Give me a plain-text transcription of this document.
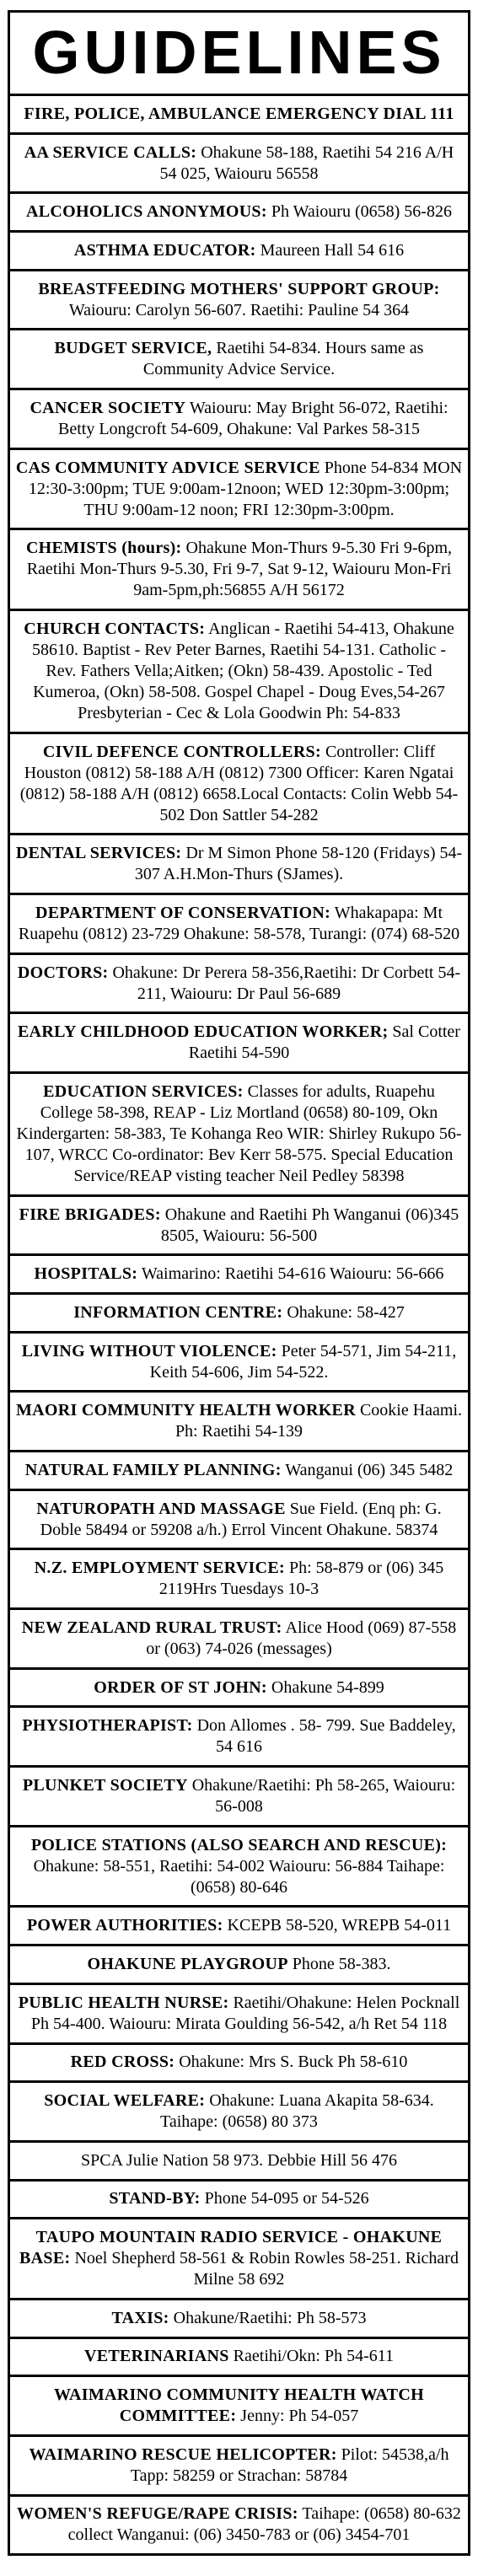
GUIDELINES
FIRE, POLICE, AMBULANCE EMERGENCY DIAL 111
AA SERVICE CALLS: Ohakune 58-188, Raetihi 54 216 A/H 54 025, Waiouru 56558
ALCOHOLICS ANONYMOUS: Ph Waiouru (0658) 56-826
ASTHMA EDUCATOR: Maureen Hall 54 616
BREASTFEEDING MOTHERS' SUPPORT GROUP: Waiouru: Carolyn 56-607. Raetihi: Pauline 54 364
BUDGET SERVICE, Raetihi 54-834. Hours same as Community Advice Service.
CANCER SOCIETY Waiouru: May Bright 56-072, Raetihi: Betty Longcroft 54-609, Ohakune: Val Parkes 58-315
CAS COMMUNITY ADVICE SERVICE Phone 54-834 MON 12:30-3:00pm; TUE 9:00am-12noon; WED 12:30pm-3:00pm; THU 9:00am-12 noon; FRI 12:30pm-3:00pm.
CHEMISTS (hours): Ohakune Mon-Thurs 9-5.30 Fri 9-6pm, Raetihi Mon-Thurs 9-5.30, Fri 9-7, Sat 9-12, Waiouru Mon-Fri 9am-5pm,ph:56855 A/H 56172
CHURCH CONTACTS: Anglican - Raetihi 54-413, Ohakune 58610. Baptist - Rev Peter Barnes, Raetihi 54-131. Catholic - Rev. Fathers Vella;Aitken; (Okn) 58-439. Apostolic - Ted Kumeroa, (Okn) 58-508. Gospel Chapel - Doug Eves,54-267 Presbyterian - Cec & Lola Goodwin Ph: 54-833
CIVIL DEFENCE CONTROLLERS: Controller: Cliff Houston (0812) 58-188 A/H (0812) 7300 Officer: Karen Ngatai (0812) 58-188 A/H (0812) 6658.Local Contacts: Colin Webb 54-502 Don Sattler 54-282
DENTAL SERVICES: Dr M Simon Phone 58-120 (Fridays) 54-307 A.H.Mon-Thurs (SJames).
DEPARTMENT OF CONSERVATION: Whakapapa: Mt Ruapehu (0812) 23-729 Ohakune: 58-578, Turangi: (074) 68-520
DOCTORS: Ohakune: Dr Perera 58-356,Raetihi: Dr Corbett 54-211, Waiouru: Dr Paul 56-689
EARLY CHILDHOOD EDUCATION WORKER; Sal Cotter Raetihi 54-590
EDUCATION SERVICES: Classes for adults, Ruapehu College 58-398, REAP - Liz Mortland (0658) 80-109, Okn Kindergarten: 58-383, Te Kohanga Reo WIR: Shirley Rukupo 56-107, WRCC Co-ordinator: Bev Kerr 58-575. Special Education Service/REAP visting teacher Neil Pedley 58398
FIRE BRIGADES: Ohakune and Raetihi Ph Wanganui (06)345 8505, Waiouru: 56-500
HOSPITALS: Waimarino: Raetihi 54-616 Waiouru: 56-666
INFORMATION CENTRE: Ohakune: 58-427
LIVING WITHOUT VIOLENCE: Peter 54-571, Jim 54-211, Keith 54-606, Jim 54-522.
MAORI COMMUNITY HEALTH WORKER Cookie Haami. Ph: Raetihi 54-139
NATURAL FAMILY PLANNING: Wanganui (06) 345 5482
NATUROPATH AND MASSAGE Sue Field. (Enq ph: G. Doble 58494 or 59208 a/h.) Errol Vincent Ohakune. 58374
N.Z. EMPLOYMENT SERVICE: Ph: 58-879 or (06) 345 2119Hrs Tuesdays 10-3
NEW ZEALAND RURAL TRUST: Alice Hood (069) 87-558 or (063) 74-026 (messages)
ORDER OF ST JOHN: Ohakune 54-899
PHYSIOTHERAPIST: Don Allomes . 58- 799. Sue Baddeley, 54 616
PLUNKET SOCIETY Ohakune/Raetihi: Ph 58-265, Waiouru: 56-008
POLICE STATIONS (ALSO SEARCH AND RESCUE): Ohakune: 58-551, Raetihi: 54-002 Waiouru: 56-884 Taihape: (0658) 80-646
POWER AUTHORITIES: KCEPB 58-520, WREPB 54-011
OHAKUNE PLAYGROUP Phone 58-383.
PUBLIC HEALTH NURSE: Raetihi/Ohakune: Helen Pocknall Ph 54-400. Waiouru: Mirata Goulding 56-542, a/h Ret 54 118
RED CROSS: Ohakune: Mrs S. Buck Ph 58-610
SOCIAL WELFARE: Ohakune: Luana Akapita 58-634. Taihape: (0658) 80 373
SPCA Julie Nation 58 973. Debbie Hill 56 476
STAND-BY: Phone 54-095 or 54-526
TAUPO MOUNTAIN RADIO SERVICE - OHAKUNE BASE: Noel Shepherd 58-561 & Robin Rowles 58-251. Richard Milne 58 692
TAXIS: Ohakune/Raetihi: Ph 58-573
VETERINARIANS Raetihi/Okn: Ph 54-611
WAIMARINO COMMUNITY HEALTH WATCH COMMITTEE: Jenny: Ph 54-057
WAIMARINO RESCUE HELICOPTER: Pilot: 54538,a/h Tapp: 58259 or Strachan: 58784
WOMEN'S REFUGE/RAPE CRISIS: Taihape: (0658) 80-632 collect Wanganui: (06) 3450-783 or (06) 3454-701
